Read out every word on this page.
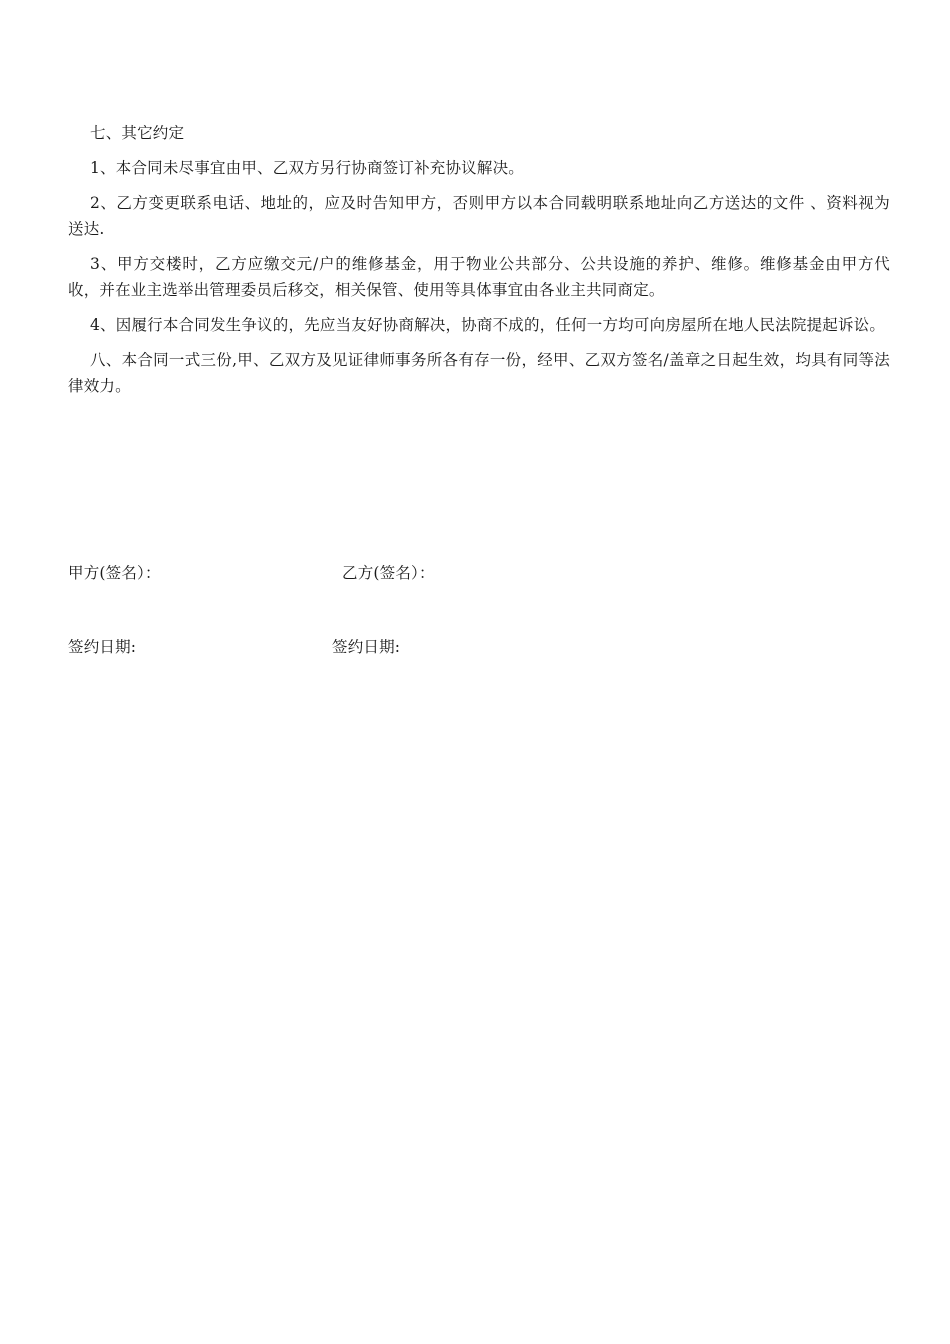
七、其它约定

1、本合同未尽事宜由甲、乙双方另行协商签订补充协议解决。

2、乙方变更联系电话、地址的，应及时告知甲方，否则甲方以本合同载明联系地址向乙方送达的文件 、资料视为送达.

3、甲方交楼时，乙方应缴交元/户的维修基金，用于物业公共部分、公共设施的养护、维修。维修基金由甲方代收，并在业主选举出管理委员后移交，相关保管、使用等具体事宜由各业主共同商定。

4、因履行本合同发生争议的，先应当友好协商解决，协商不成的，任何一方均可向房屋所在地人民法院提起诉讼。

八、本合同一式三份,甲、乙双方及见证律师事务所各有存一份，经甲、乙双方签名/盖章之日起生效，均具有同等法律效力。

甲方(签名）：	乙方(签名）：
签约日期:	签约日期:
